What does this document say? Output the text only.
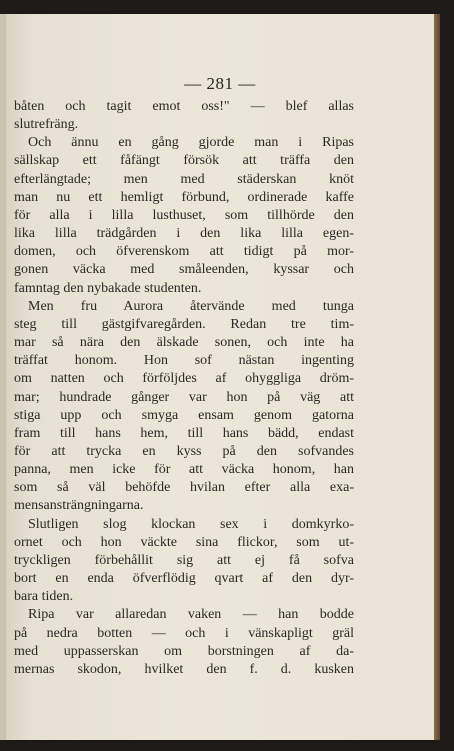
— 281 —
båten och tagit emot oss!" — blef allas
slutrefräng.
Och ännu en gång gjorde man i Ripas
sällskap ett fåfängt försök att träffa den
efterlängtade; men med städerskan knöt
man nu ett hemligt förbund, ordinerade kaffe
för alla i lilla lusthuset, som tillhörde den
lika lilla trädgården i den lika lilla egen-
domen, och öfverenskom att tidigt på mor-
gonen väcka med småleenden, kyssar och
famntag den nybakade studenten.
Men fru Aurora återvände med tunga
steg till gästgifvaregården. Redan tre tim-
mar så nära den älskade sonen, och inte ha
träffat honom. Hon sof nästan ingenting
om natten och förföljdes af ohyggliga dröm-
mar; hundrade gånger var hon på väg att
stiga upp och smyga ensam genom gatorna
fram till hans hem, till hans bädd, endast
för att trycka en kyss på den sofvandes
panna, men icke för att väcka honom, han
som så väl behöfde hvilan efter alla exa-
mensansträngningarna.
Slutligen slog klockan sex i domkyrko-
ornet och hon väckte sina flickor, som ut-
tryckligen förbehållit sig att ej få sofva
bort en enda öfverflödig qvart af den dyr-
bara tiden.
Ripa var allaredan vaken — han bodde
på nedra botten — och i vänskapligt gräl
med uppasserskan om borstningen af da-
mernas skodon, hvilket den f. d. kusken
